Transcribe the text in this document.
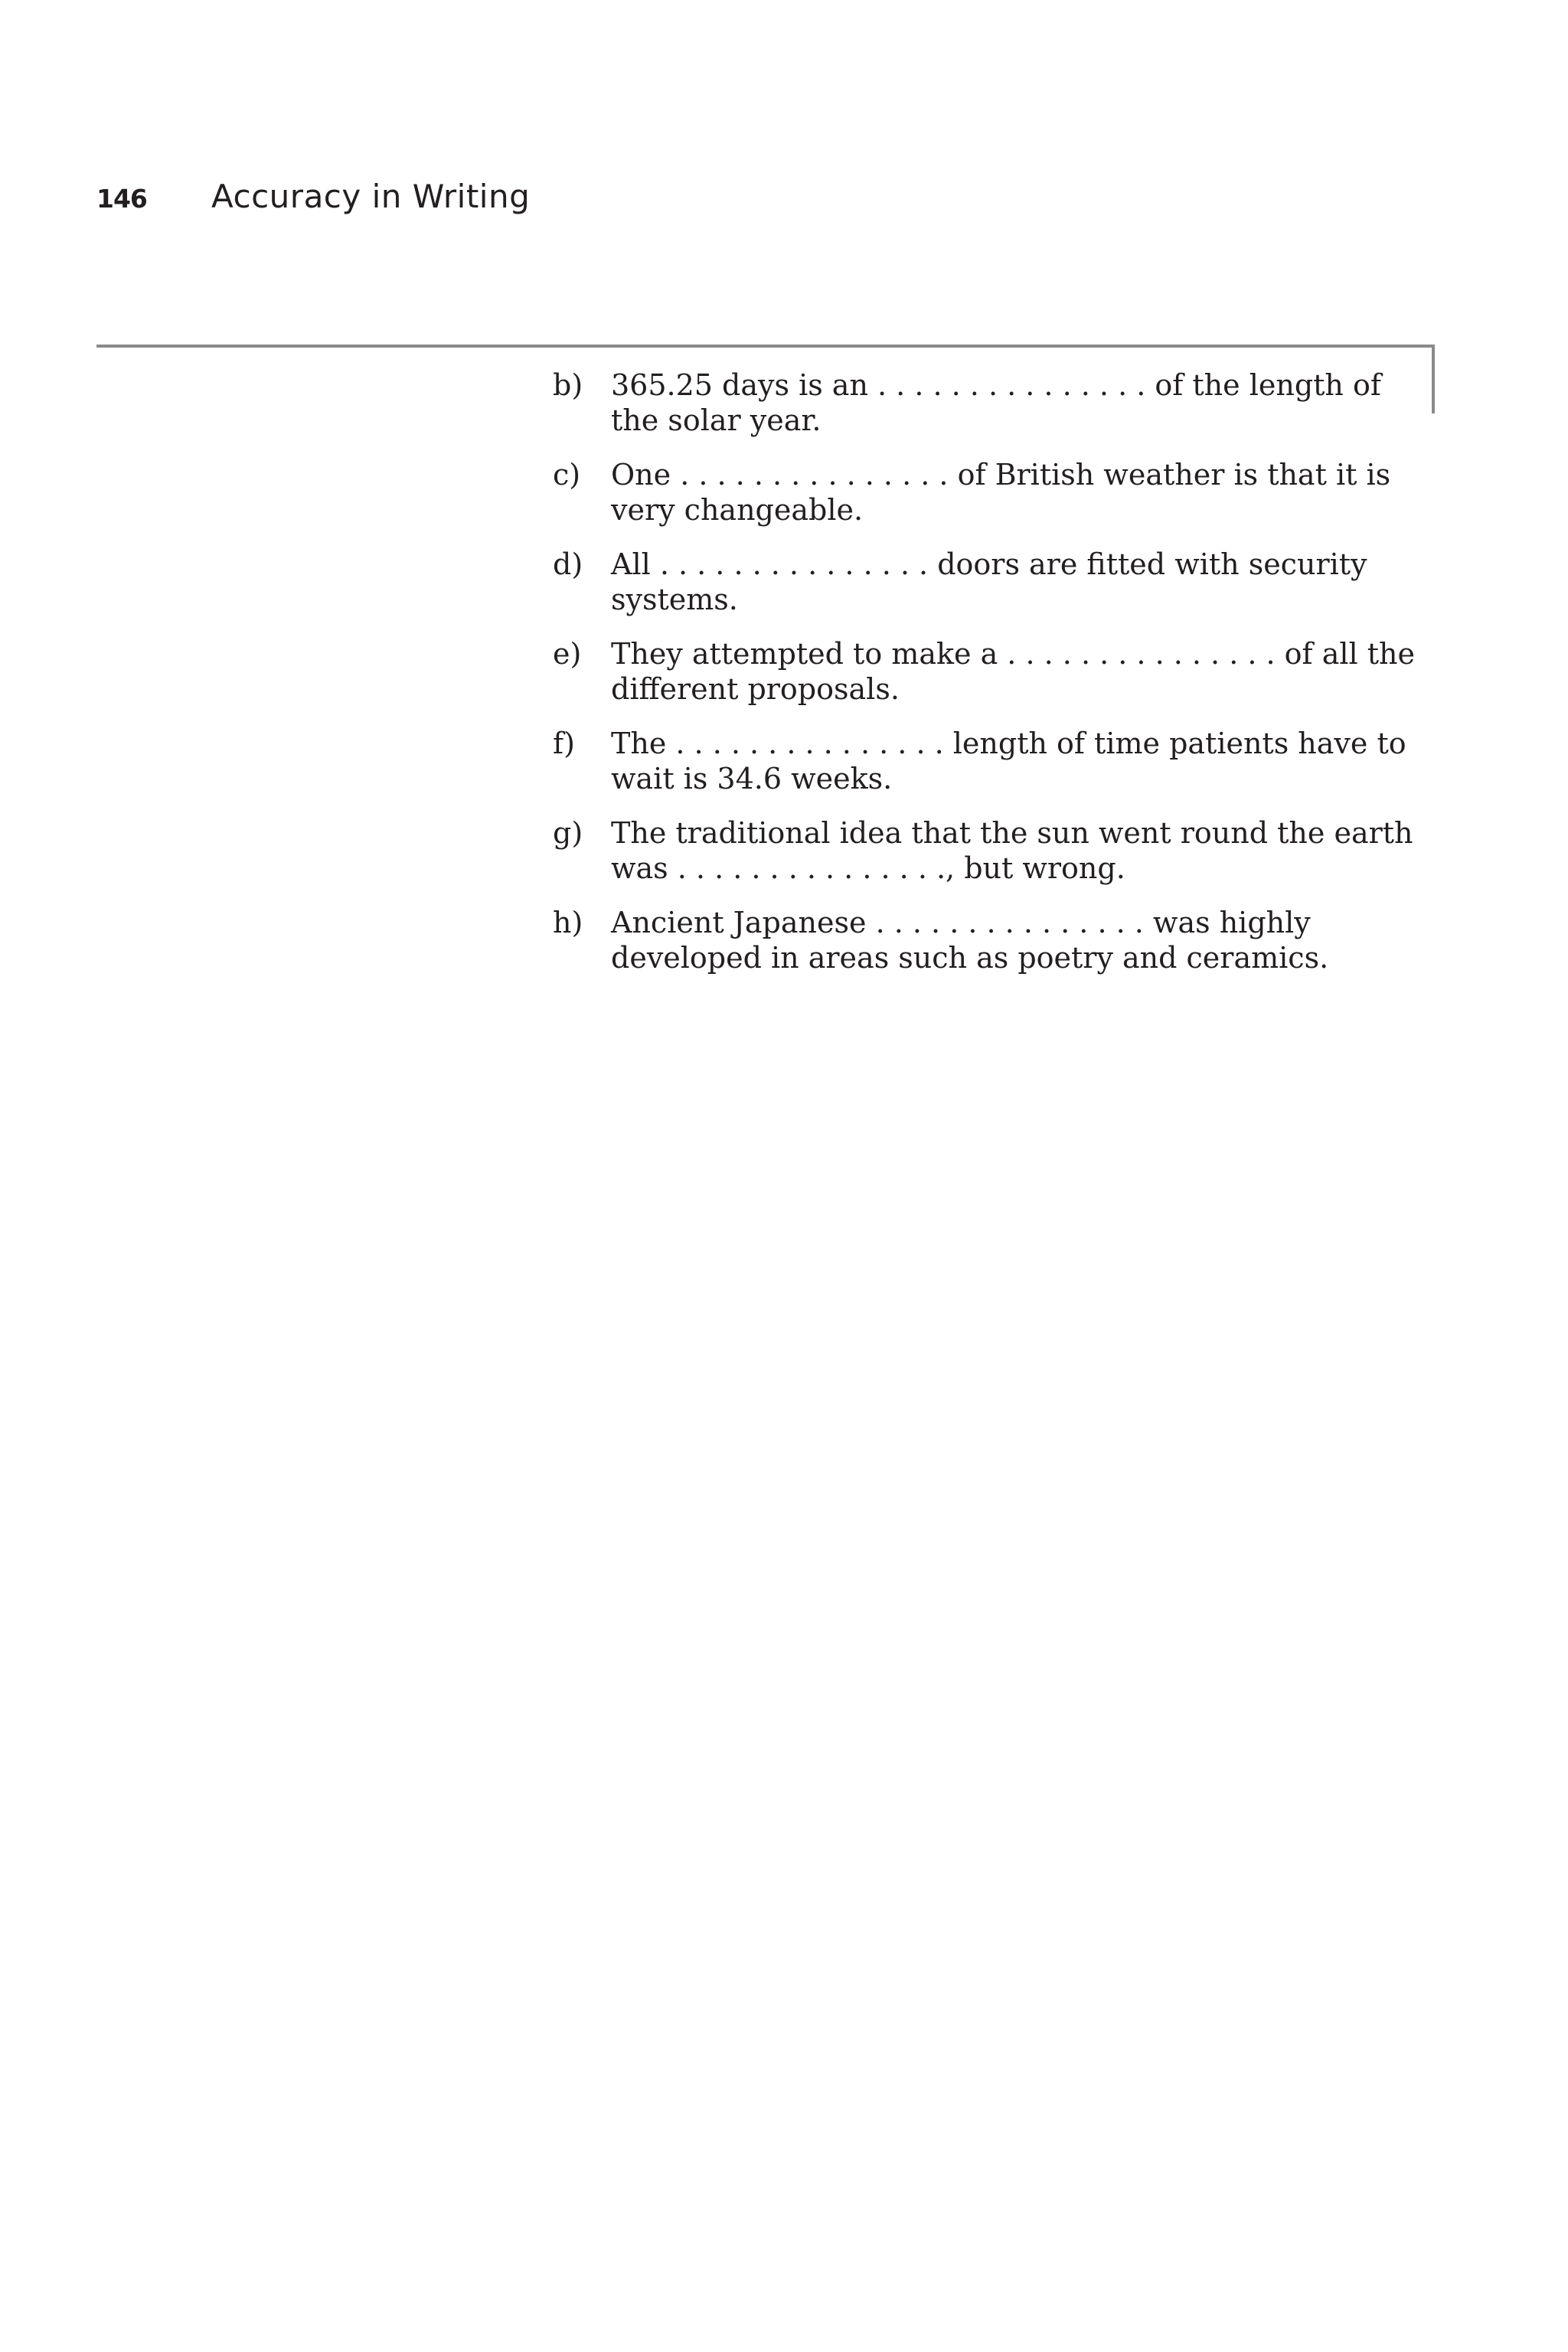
146	Accuracy in Writing
b) 365.25 days is an . . . . . . . . . . . . . . . of the length of the solar year.
c)	One . . . . . . . . . . . . . . . of British weather is that it is very changeable.
d) All . . . . . . . . . . . . . . . doors are fitted with security systems.
e)	They attempted to make a . . . . . . . . . . . . . . . of all the different proposals.
f)	The . . . . . . . . . . . . . . . length of time patients have to wait is 34.6 weeks.
g) The traditional idea that the sun went round the earth was . . . . . . . . . . . . . . ., but wrong.
h) Ancient Japanese . . . . . . . . . . . . . . . was highly developed in areas such as poetry and ceramics.
